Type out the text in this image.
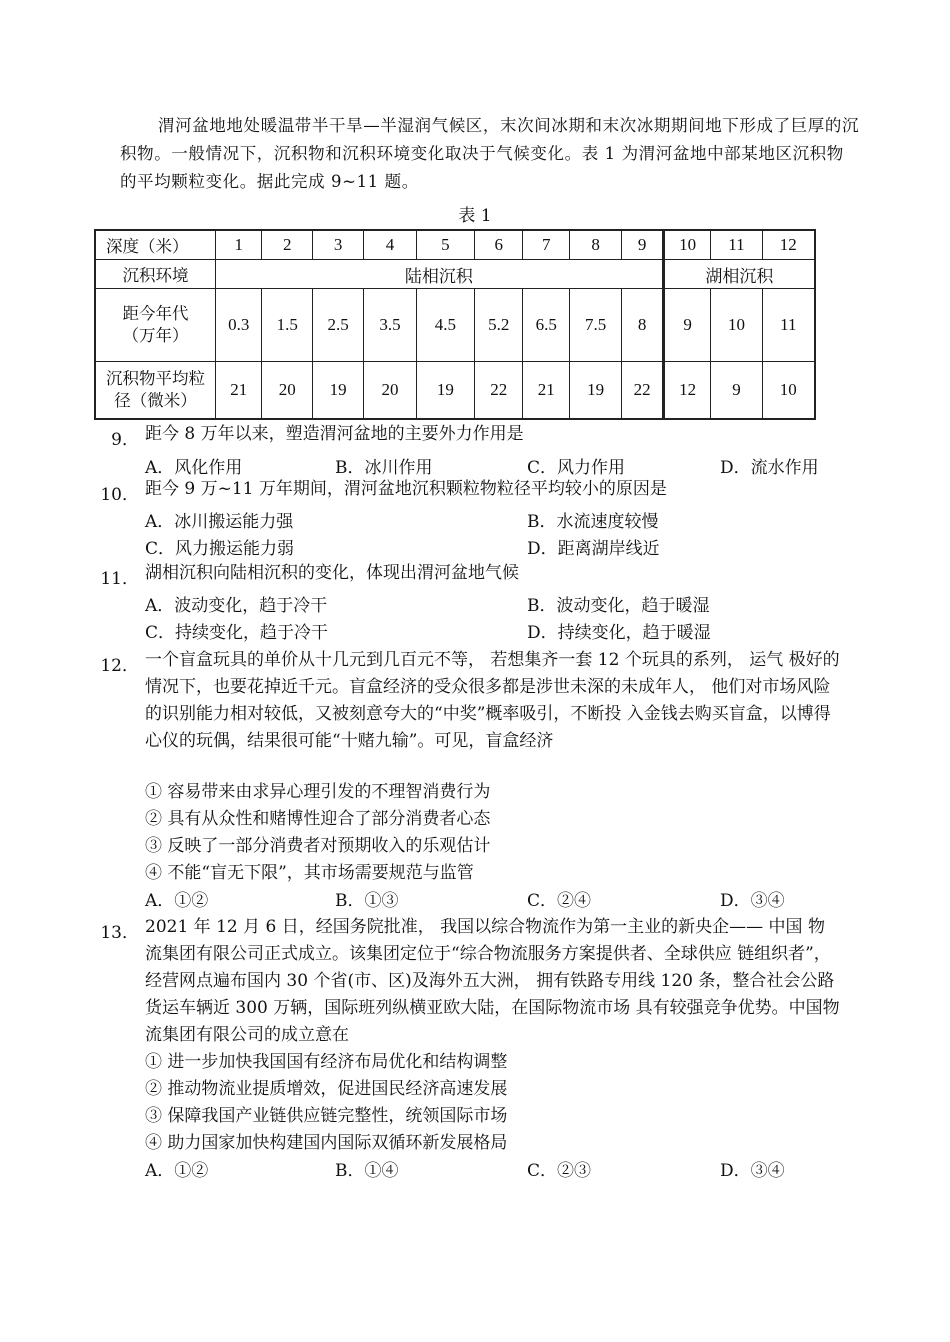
渭河盆地地处暖温带半干旱—半湿润气候区，末次间冰期和末次冰期期间地下形成了巨厚的沉积物。一般情况下，沉积物和沉积环境变化取决于气候变化。表 1 为渭河盆地中部某地区沉积物的平均颗粒变化。据此完成 9~11 题。

表 1
深度（米）	1	2	3	4	5	6	7	8	9	10	11	12
沉积环境	陆相沉积									湖相沉积		
距今年代（万年）	0.3	1.5	2.5	3.5	4.5	5.2	6.5	7.5	8	9	10	11
沉积物平均粒径（微米）	21	20	19	20	19	22	21	19	22	12	9	10
9． 距今 8 万年以来，塑造渭河盆地的主要外力作用是
A．风化作用	B．冰川作用	C．风力作用	D．流水作用
10． 距今 9 万~11 万年期间，渭河盆地沉积颗粒物粒径平均较小的原因是
A．冰川搬运能力强	B．水流速度较慢
C．风力搬运能力弱	D．距离湖岸线近
11． 湖相沉积向陆相沉积的变化，体现出渭河盆地气候
A．波动变化，趋于冷干	B．波动变化，趋于暖湿
C．持续变化，趋于冷干	D．持续变化，趋于暖湿
12． 一个盲盒玩具的单价从十几元到几百元不等， 若想集齐一套 12 个玩具的系列， 运气 极好的情况下，也要花掉近千元。盲盒经济的受众很多都是涉世未深的未成年人， 他们对市场风险的识别能力相对较低，又被刻意夸大的“中奖”概率吸引，不断投 入金钱去购买盲盒，以博得心仪的玩偶，结果很可能“十赌九输”。可见，盲盒经济
① 容易带来由求异心理引发的不理智消费行为
② 具有从众性和赌博性迎合了部分消费者心态
③ 反映了一部分消费者对预期收入的乐观估计
④ 不能“盲无下限”，其市场需要规范与监管
A．①②	B．①③	C．②④	D．③④
13． 2021 年 12 月 6 日，经国务院批准， 我国以综合物流作为第一主业的新央企—— 中国 物流集团有限公司正式成立。该集团定位于“综合物流服务方案提供者、全球供应 链组织者”，经营网点遍布国内 30 个省(市、区)及海外五大洲， 拥有铁路专用线 120 条，整合社会公路货运车辆近 300 万辆，国际班列纵横亚欧大陆，在国际物流市场 具有较强竞争优势。中国物流集团有限公司的成立意在
① 进一步加快我国国有经济布局优化和结构调整
② 推动物流业提质增效，促进国民经济高速发展
③ 保障我国产业链供应链完整性，统领国际市场
④ 助力国家加快构建国内国际双循环新发展格局
A．①②	B．①④	C．②③	D．③④
